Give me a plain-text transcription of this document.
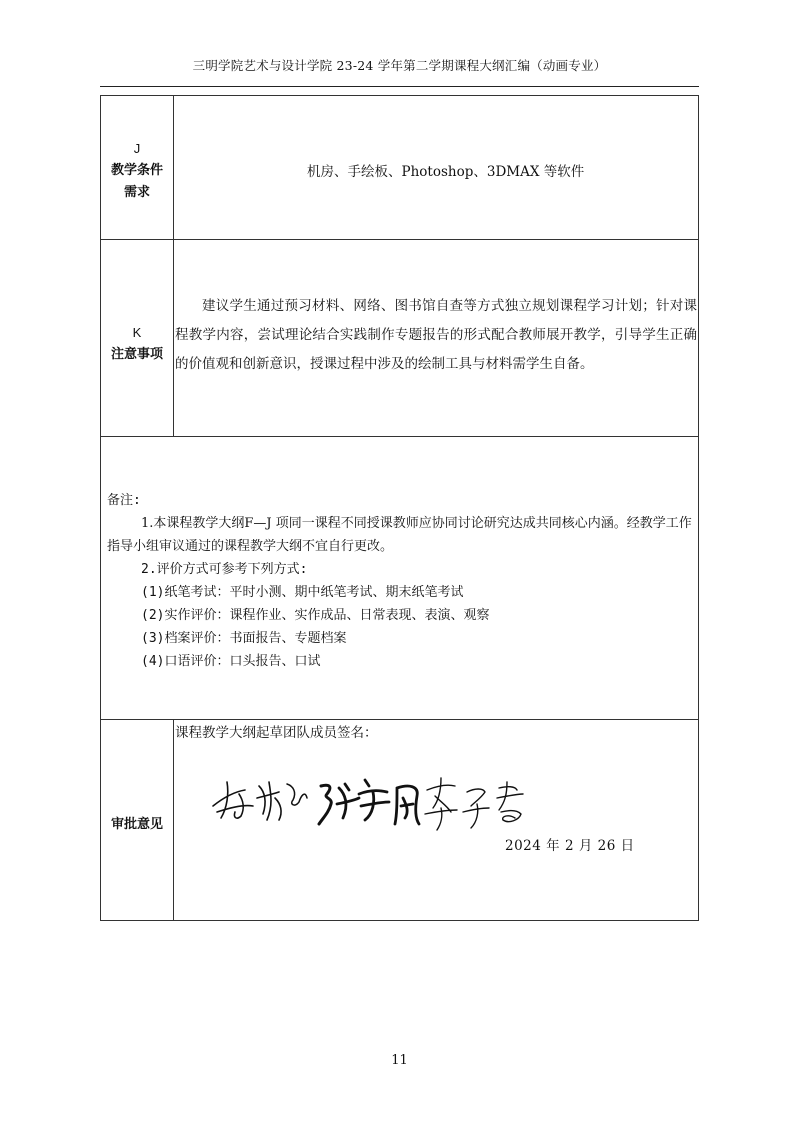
三明学院艺术与设计学院 23-24 学年第二学期课程大纲汇编（动画专业）
J
教学条件
需求
机房、手绘板、Photoshop、3DMAX 等软件
K
注意事项
建议学生通过预习材料、网络、图书馆自查等方式独立规划课程学习计划；针对课程教学内容，尝试理论结合实践制作专题报告的形式配合教师展开教学，引导学生正确的价值观和创新意识，授课过程中涉及的绘制工具与材料需学生自备。
备注:
1.本课程教学大纲F—J 项同一课程不同授课教师应协同讨论研究达成共同核心内涵。经教学工作指导小组审议通过的课程教学大纲不宜自行更改。
2.评价方式可参考下列方式:
(1)纸笔考试：平时小测、期中纸笔考试、期末纸笔考试
(2)实作评价：课程作业、实作成品、日常表现、表演、观察
(3)档案评价：书面报告、专题档案
(4)口语评价：口头报告、口试
审批意见
课程教学大纲起草团队成员签名：
2024 年 2 月 26 日
11
